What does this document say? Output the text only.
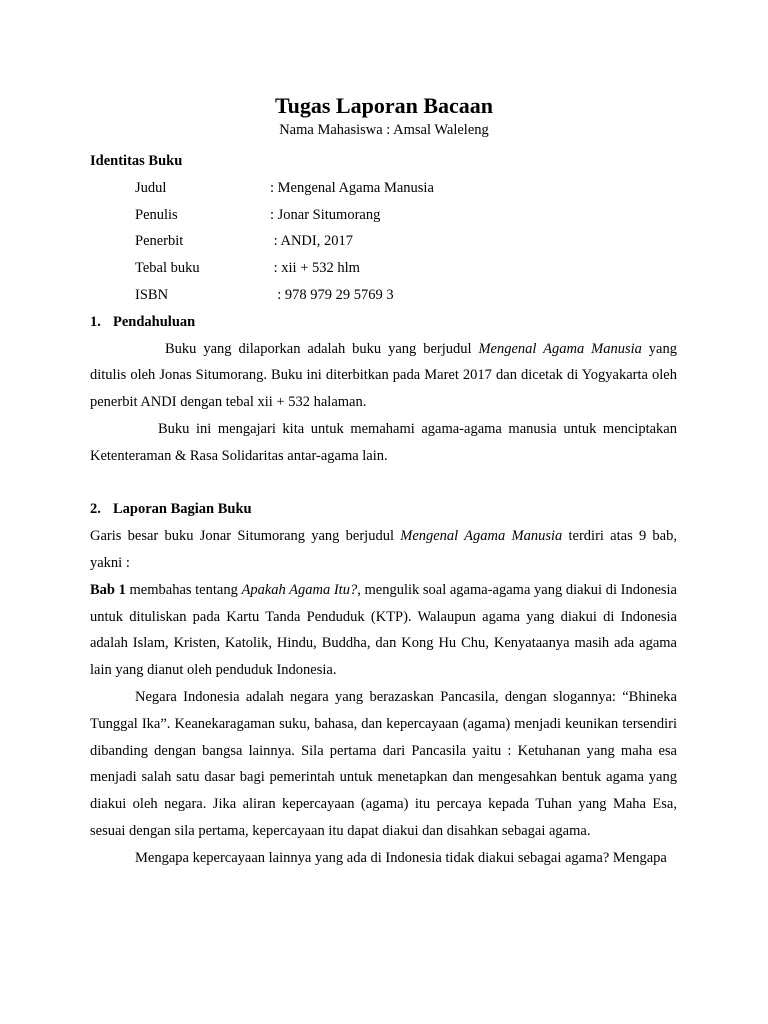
Tugas Laporan Bacaan
Nama Mahasiswa : Amsal Waleleng
Identitas Buku
Judul	: Mengenal Agama Manusia
Penulis	: Jonar Situmorang
Penerbit	: ANDI, 2017
Tebal buku	: xii + 532 hlm
ISBN	: 978 979 29 5769 3
1. Pendahuluan

Buku yang dilaporkan adalah buku yang berjudul Mengenal Agama Manusia yang ditulis oleh Jonas Situmorang. Buku ini diterbitkan pada Maret 2017 dan dicetak di Yogyakarta oleh penerbit ANDI dengan tebal xii + 532 halaman.

Buku ini mengajari kita untuk memahami agama-agama manusia untuk menciptakan Ketenteraman & Rasa Solidaritas antar-agama lain.

2. Laporan Bagian Buku

Garis besar buku Jonar Situmorang yang berjudul Mengenal Agama Manusia terdiri atas 9 bab, yakni :

Bab 1 membahas tentang Apakah Agama Itu?, mengulik soal agama-agama yang diakui di Indonesia untuk dituliskan pada Kartu Tanda Penduduk (KTP). Walaupun agama yang diakui di Indonesia adalah Islam, Kristen, Katolik, Hindu, Buddha, dan Kong Hu Chu, Kenyataanya masih ada agama lain yang dianut oleh penduduk Indonesia.

Negara Indonesia adalah negara yang berazaskan Pancasila, dengan slogannya: “Bhineka Tunggal Ika”. Keanekaragaman suku, bahasa, dan kepercayaan (agama) menjadi keunikan tersendiri dibanding dengan bangsa lainnya. Sila pertama dari Pancasila yaitu : Ketuhanan yang maha esa menjadi salah satu dasar bagi pemerintah untuk menetapkan dan mengesahkan bentuk agama yang diakui oleh negara. Jika aliran kepercayaan (agama) itu percaya kepada Tuhan yang Maha Esa, sesuai dengan sila pertama, kepercayaan itu dapat diakui dan disahkan sebagai agama.

Mengapa kepercayaan lainnya yang ada di Indonesia tidak diakui sebagai agama? Mengapa
